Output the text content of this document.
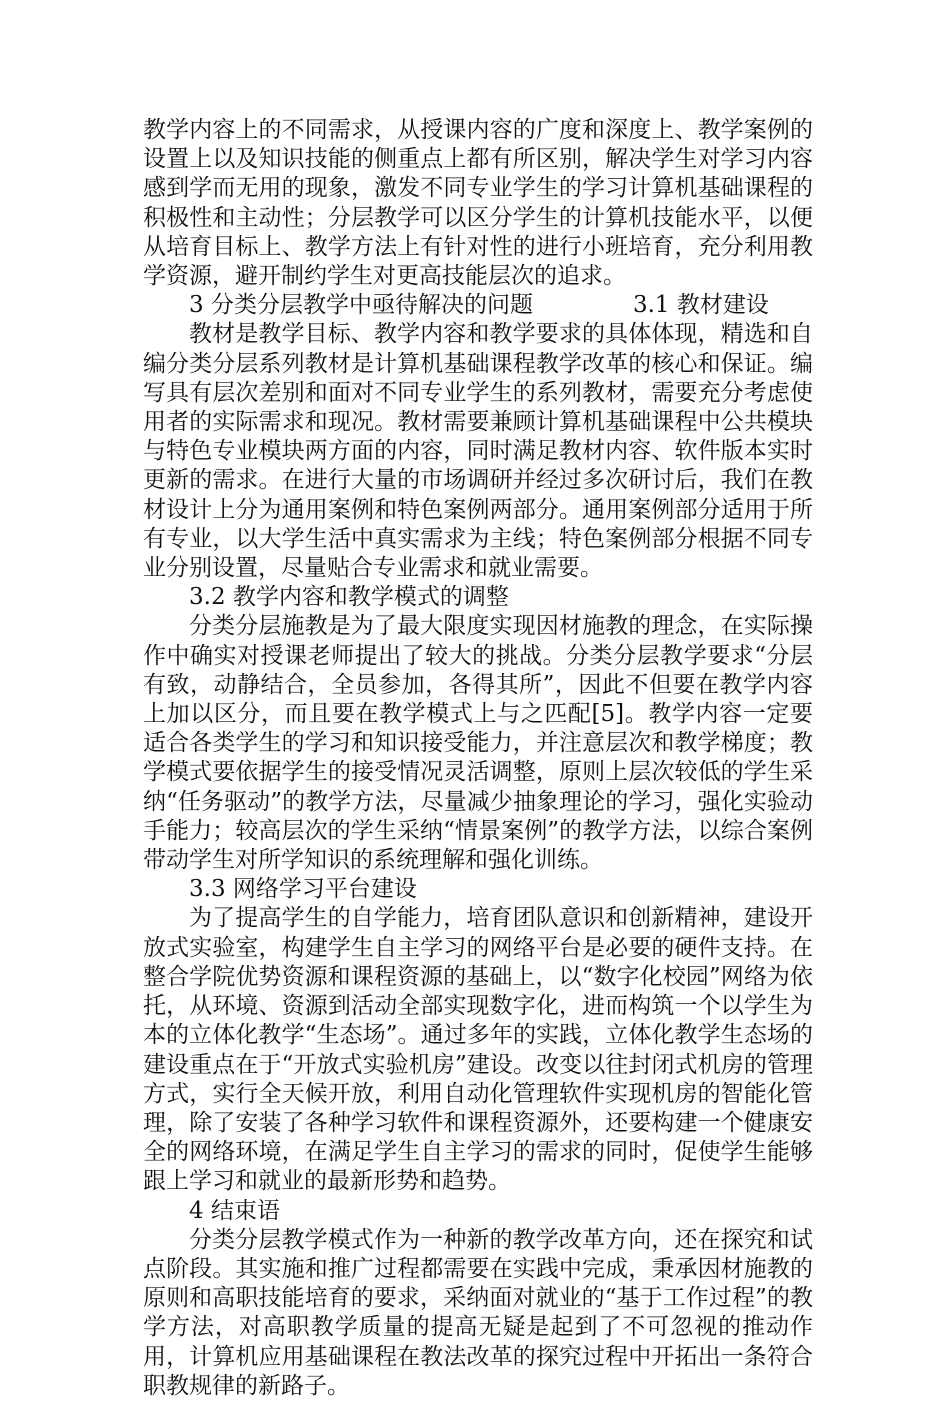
教学内容上的不同需求，从授课内容的广度和深度上、教学案例的设置上以及知识技能的侧重点上都有所区别，解决学生对学习内容感到学而无用的现象，激发不同专业学生的学习计算机基础课程的积极性和主动性；分层教学可以区分学生的计算机技能水平，以便从培育目标上、教学方法上有针对性的进行小班培育，充分利用教学资源，避开制约学生对更高技能层次的追求。

3 分类分层教学中亟待解决的问题	3.1 教材建设

教材是教学目标、教学内容和教学要求的具体体现，精选和自编分类分层系列教材是计算机基础课程教学改革的核心和保证。编写具有层次差别和面对不同专业学生的系列教材，需要充分考虑使用者的实际需求和现况。教材需要兼顾计算机基础课程中公共模块与特色专业模块两方面的内容，同时满足教材内容、软件版本实时更新的需求。在进行大量的市场调研并经过多次研讨后，我们在教材设计上分为通用案例和特色案例两部分。通用案例部分适用于所有专业，以大学生活中真实需求为主线；特色案例部分根据不同专业分别设置，尽量贴合专业需求和就业需要。

3.2 教学内容和教学模式的调整

分类分层施教是为了最大限度实现因材施教的理念，在实际操作中确实对授课老师提出了较大的挑战。分类分层教学要求“分层有致，动静结合，全员参加，各得其所”，因此不但要在教学内容上加以区分，而且要在教学模式上与之匹配[5]。教学内容一定要适合各类学生的学习和知识接受能力，并注意层次和教学梯度；教学模式要依据学生的接受情况灵活调整，原则上层次较低的学生采纳“任务驱动”的教学方法，尽量减少抽象理论的学习，强化实验动手能力；较高层次的学生采纳“情景案例”的教学方法，以综合案例带动学生对所学知识的系统理解和强化训练。

3.3 网络学习平台建设

为了提高学生的自学能力，培育团队意识和创新精神，建设开放式实验室，构建学生自主学习的网络平台是必要的硬件支持。在整合学院优势资源和课程资源的基础上，以“数字化校园”网络为依托，从环境、资源到活动全部实现数字化，进而构筑一个以学生为本的立体化教学“生态场”。通过多年的实践，立体化教学生态场的建设重点在于“开放式实验机房”建设。改变以往封闭式机房的管理方式，实行全天候开放，利用自动化管理软件实现机房的智能化管理，除了安装了各种学习软件和课程资源外，还要构建一个健康安全的网络环境，在满足学生自主学习的需求的同时，促使学生能够跟上学习和就业的最新形势和趋势。

4 结束语

分类分层教学模式作为一种新的教学改革方向，还在探究和试点阶段。其实施和推广过程都需要在实践中完成，秉承因材施教的原则和高职技能培育的要求，采纳面对就业的“基于工作过程”的教学方法，对高职教学质量的提高无疑是起到了不可忽视的推动作用，计算机应用基础课程在教法改革的探究过程中开拓出一条符合职教规律的新路子。
